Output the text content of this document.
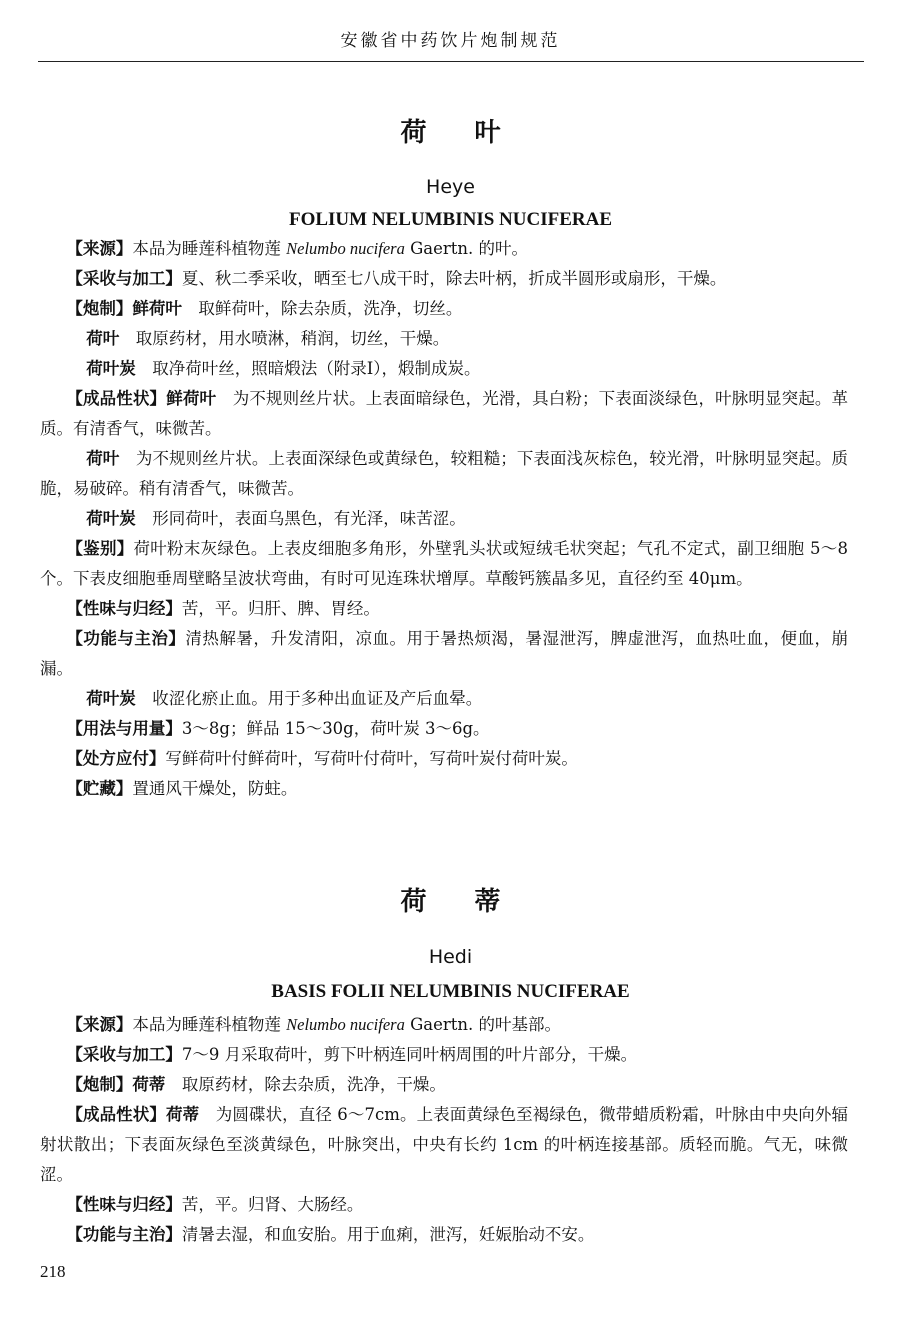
安徽省中药饮片炮制规范
荷叶
Heye
FOLIUM NELUMBINIS NUCIFERAE

【来源】本品为睡莲科植物莲 Nelumbo nucifera Gaertn. 的叶。

【采收与加工】夏、秋二季采收，晒至七八成干时，除去叶柄，折成半圆形或扇形，干燥。

【炮制】鲜荷叶 取鲜荷叶，除去杂质，洗净，切丝。

荷叶 取原药材，用水喷淋，稍润，切丝，干燥。

荷叶炭 取净荷叶丝，照暗煅法（附录Ⅰ），煅制成炭。

【成品性状】鲜荷叶 为不规则丝片状。上表面暗绿色，光滑，具白粉；下表面淡绿色，叶脉明显突起。革质。有清香气，味微苦。

荷叶 为不规则丝片状。上表面深绿色或黄绿色，较粗糙；下表面浅灰棕色，较光滑，叶脉明显突起。质脆，易破碎。稍有清香气，味微苦。

荷叶炭 形同荷叶，表面乌黑色，有光泽，味苦涩。

【鉴别】荷叶粉末灰绿色。上表皮细胞多角形，外壁乳头状或短绒毛状突起；气孔不定式，副卫细胞 5～8 个。下表皮细胞垂周壁略呈波状弯曲，有时可见连珠状增厚。草酸钙簇晶多见，直径约至 40μm。

【性味与归经】苦，平。归肝、脾、胃经。

【功能与主治】清热解暑，升发清阳，凉血。用于暑热烦渴，暑湿泄泻，脾虚泄泻，血热吐血，便血，崩漏。

荷叶炭 收涩化瘀止血。用于多种出血证及产后血晕。

【用法与用量】3～8g；鲜品 15～30g，荷叶炭 3～6g。

【处方应付】写鲜荷叶付鲜荷叶，写荷叶付荷叶，写荷叶炭付荷叶炭。

【贮藏】置通风干燥处，防蛀。

荷蒂
Hedi
BASIS FOLII NELUMBINIS NUCIFERAE

【来源】本品为睡莲科植物莲 Nelumbo nucifera Gaertn. 的叶基部。

【采收与加工】7～9 月采取荷叶，剪下叶柄连同叶柄周围的叶片部分，干燥。

【炮制】荷蒂 取原药材，除去杂质，洗净，干燥。

【成品性状】荷蒂 为圆碟状，直径 6～7cm。上表面黄绿色至褐绿色，微带蜡质粉霜，叶脉由中央向外辐射状散出；下表面灰绿色至淡黄绿色，叶脉突出，中央有长约 1cm 的叶柄连接基部。质轻而脆。气无，味微涩。

【性味与归经】苦，平。归肾、大肠经。

【功能与主治】清暑去湿，和血安胎。用于血痢，泄泻，妊娠胎动不安。

218
